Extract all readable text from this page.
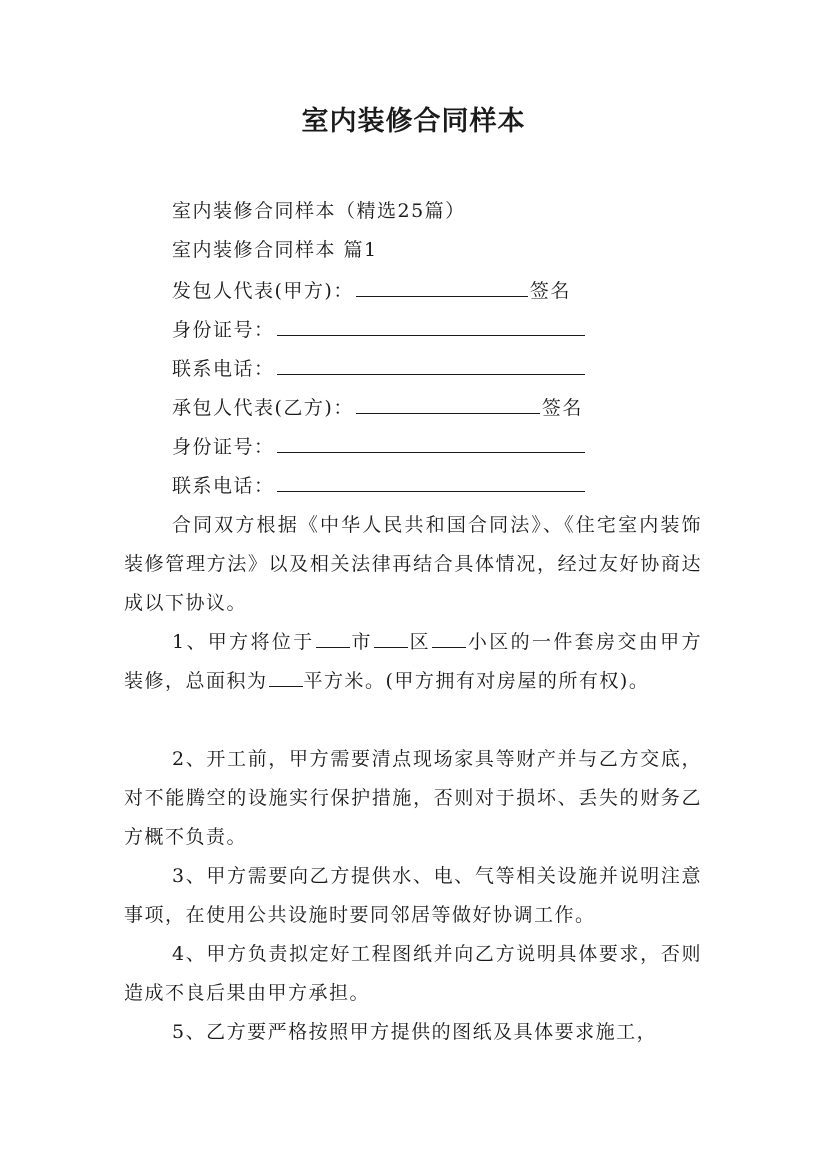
室内装修合同样本
室内装修合同样本（精选25篇）
室内装修合同样本 篇1
发包人代表(甲方)：	签名
身份证号：
联系电话：
承包人代表(乙方)：	签名
身份证号：
联系电话：
合同双方根据《中华人民共和国合同法》、《住宅室内装饰装修管理方法》以及相关法律再结合具体情况，经过友好协商达成以下协议。
1、甲方将位于 市 区 小区的一件套房交由甲方装修，总面积为 平方米。(甲方拥有对房屋的所有权)。
2、开工前，甲方需要清点现场家具等财产并与乙方交底，对不能腾空的设施实行保护措施，否则对于损坏、丢失的财务乙方概不负责。
3、甲方需要向乙方提供水、电、气等相关设施并说明注意事项，在使用公共设施时要同邻居等做好协调工作。
4、甲方负责拟定好工程图纸并向乙方说明具体要求，否则造成不良后果由甲方承担。
5、乙方要严格按照甲方提供的图纸及具体要求施工，
